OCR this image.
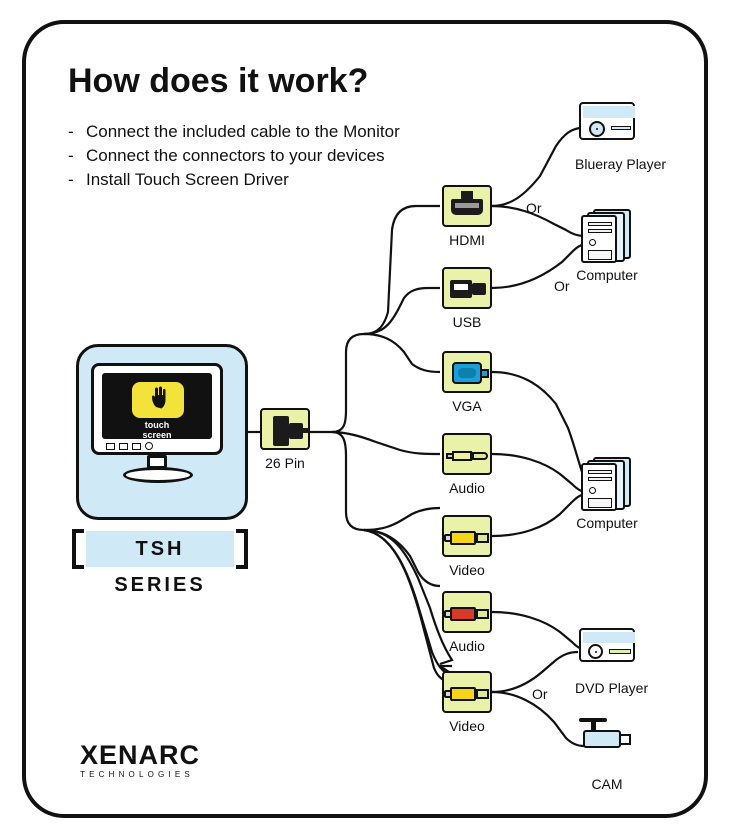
How does it work?
- Connect the included cable to the Monitor
- Connect the connectors to your devices
- Install Touch Screen Driver
touch
screen
TSH SERIES
26 Pin
HDMI
USB
VGA
Audio
Video
Audio
Video
Blueray Player
Computer
Computer
DVD Player
CAM
Or
Or
Or
XENARC
TECHNOLOGIES
